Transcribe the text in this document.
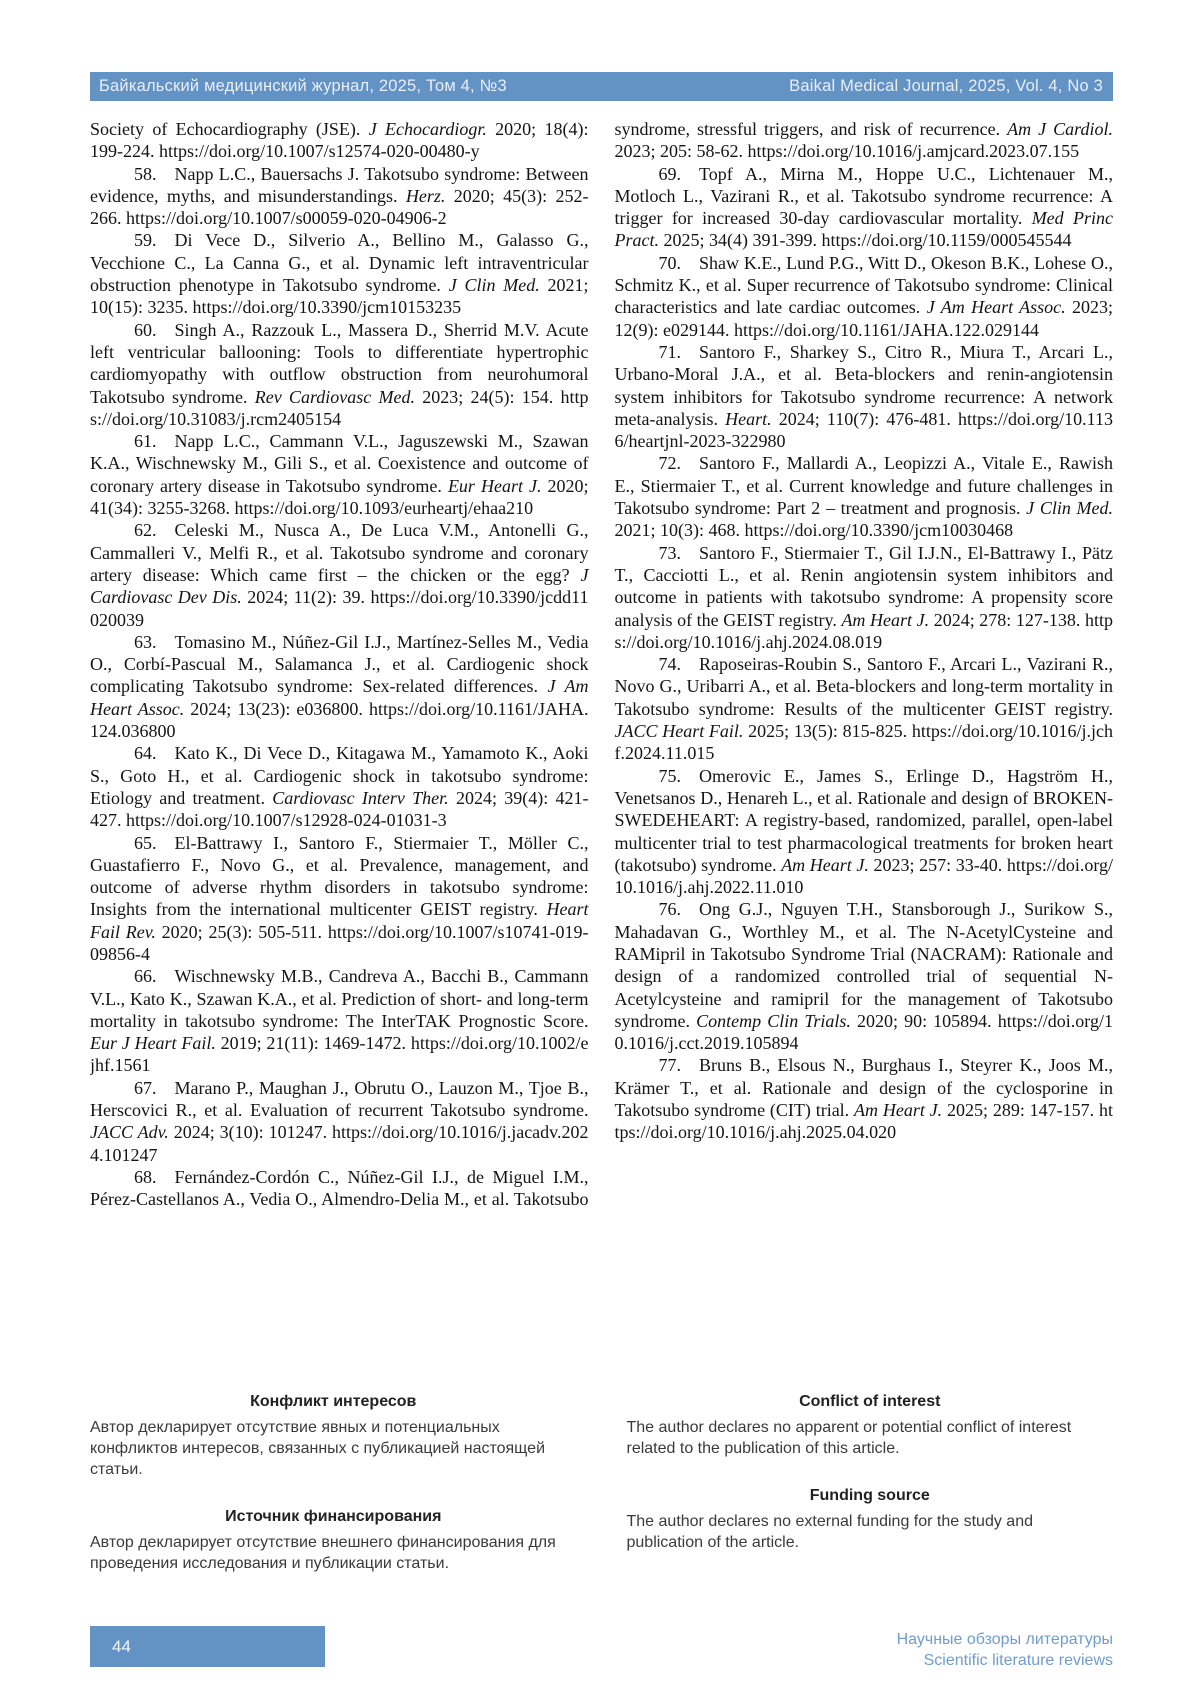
Байкальский медицинский журнал, 2025, Том 4, №3	Baikal Medical Journal, 2025, Vol. 4, No 3

Society of Echocardiography (JSE). J Echocardiogr. 2020; 18(4): 199-224. https://doi.org/10.1007/s12574-020-00480-y

58.  Napp L.C., Bauersachs J. Takotsubo syndrome: Between evidence, myths, and misunderstandings. Herz. 2020; 45(3): 252-266. https://doi.org/10.1007/s00059-020-04906-2

59.  Di Vece D., Silverio A., Bellino M., Galasso G., Vecchione C., La Canna G., et al. Dynamic left intraventricular obstruction phenotype in Takotsubo syndrome. J Clin Med. 2021; 10(15): 3235. https://doi.org/10.3390/jcm10153235

60.  Singh A., Razzouk L., Massera D., Sherrid M.V. Acute left ventricular ballooning: Tools to differentiate hypertrophic cardiomyopathy with outflow obstruction from neurohumoral Takotsubo syndrome. Rev Cardiovasc Med. 2023; 24(5): 154. https://doi.org/10.31083/j.rcm2405154

61.  Napp L.C., Cammann V.L., Jaguszewski M., Szawan K.A., Wischnewsky M., Gili S., et al. Coexistence and outcome of coronary artery disease in Takotsubo syndrome. Eur Heart J. 2020; 41(34): 3255-3268. https://doi.org/10.1093/eurheartj/ehaa210

62.  Celeski M., Nusca A., De Luca V.M., Antonelli G., Cammalleri V., Melfi R., et al. Takotsubo syndrome and coronary artery disease: Which came first – the chicken or the egg? J Cardiovasc Dev Dis. 2024; 11(2): 39. https://doi.org/10.3390/jcdd11020039

63.  Tomasino M., Núñez-Gil I.J., Martínez-Selles M., Vedia O., Corbí-Pascual M., Salamanca J., et al. Cardiogenic shock complicating Takotsubo syndrome: Sex-related differences. J Am Heart Assoc. 2024; 13(23): e036800. https://doi.org/10.1161/JAHA.124.036800

64.  Kato K., Di Vece D., Kitagawa M., Yamamoto K., Aoki S., Goto H., et al. Cardiogenic shock in takotsubo syndrome: Etiology and treatment. Cardiovasc Interv Ther. 2024; 39(4): 421-427. https://doi.org/10.1007/s12928-024-01031-3

65.  El-Battrawy I., Santoro F., Stiermaier T., Möller C., Guastafierro F., Novo G., et al. Prevalence, management, and outcome of adverse rhythm disorders in takotsubo syndrome: Insights from the international multicenter GEIST registry. Heart Fail Rev. 2020; 25(3): 505-511. https://doi.org/10.1007/s10741-019-09856-4

66.  Wischnewsky M.B., Candreva A., Bacchi B., Cammann V.L., Kato K., Szawan K.A., et al. Prediction of short- and long-term mortality in takotsubo syndrome: The InterTAK Prognostic Score. Eur J Heart Fail. 2019; 21(11): 1469-1472. https://doi.org/10.1002/ejhf.1561

67.  Marano P., Maughan J., Obrutu O., Lauzon M., Tjoe B., Herscovici R., et al. Evaluation of recurrent Takotsubo syndrome. JACC Adv. 2024; 3(10): 101247. https://doi.org/10.1016/j.jacadv.2024.101247

68.  Fernández-Cordón C., Núñez-Gil I.J., de Miguel I.M., Pérez-Castellanos A., Vedia O., Almendro-Delia M., et al. Takotsubo syndrome, stressful triggers, and risk of recurrence. Am J Cardiol. 2023; 205: 58-62. https://doi.org/10.1016/j.amjcard.2023.07.155

69.  Topf A., Mirna M., Hoppe U.C., Lichtenauer M., Motloch L., Vazirani R., et al. Takotsubo syndrome recurrence: A trigger for increased 30-day cardiovascular mortality. Med Princ Pract. 2025; 34(4) 391-399. https://doi.org/10.1159/000545544

70.  Shaw K.E., Lund P.G., Witt D., Okeson B.K., Lohese O., Schmitz K., et al. Super recurrence of Takotsubo syndrome: Clinical characteristics and late cardiac outcomes. J Am Heart Assoc. 2023; 12(9): e029144. https://doi.org/10.1161/JAHA.122.029144

71.  Santoro F., Sharkey S., Citro R., Miura T., Arcari L., Urbano-Moral J.A., et al. Beta-blockers and renin-angiotensin system inhibitors for Takotsubo syndrome recurrence: A network meta-analysis. Heart. 2024; 110(7): 476-481. https://doi.org/10.1136/heartjnl-2023-322980

72.  Santoro F., Mallardi A., Leopizzi A., Vitale E., Rawish E., Stiermaier T., et al. Current knowledge and future challenges in Takotsubo syndrome: Part 2 – treatment and prognosis. J Clin Med. 2021; 10(3): 468. https://doi.org/10.3390/jcm10030468

73.  Santoro F., Stiermaier T., Gil I.J.N., El-Battrawy I., Pätz T., Cacciotti L., et al. Renin angiotensin system inhibitors and outcome in patients with takotsubo syndrome: A propensity score analysis of the GEIST registry. Am Heart J. 2024; 278: 127-138. https://doi.org/10.1016/j.ahj.2024.08.019

74.  Raposeiras-Roubin S., Santoro F., Arcari L., Vazirani R., Novo G., Uribarri A., et al. Beta-blockers and long-term mortality in Takotsubo syndrome: Results of the multicenter GEIST registry. JACC Heart Fail. 2025; 13(5): 815-825. https://doi.org/10.1016/j.jchf.2024.11.015

75.  Omerovic E., James S., Erlinge D., Hagström H., Venetsanos D., Henareh L., et al. Rationale and design of BROKEN-SWEDEHEART: A registry-based, randomized, parallel, open-label multicenter trial to test pharmacological treatments for broken heart (takotsubo) syndrome. Am Heart J. 2023; 257: 33-40. https://doi.org/10.1016/j.ahj.2022.11.010

76.  Ong G.J., Nguyen T.H., Stansborough J., Surikow S., Mahadavan G., Worthley M., et al. The N-AcetylCysteine and RAMipril in Takotsubo Syndrome Trial (NACRAM): Rationale and design of a randomized controlled trial of sequential N-Acetylcysteine and ramipril for the management of Takotsubo syndrome. Contemp Clin Trials. 2020; 90: 105894. https://doi.org/10.1016/j.cct.2019.105894

77.  Bruns B., Elsous N., Burghaus I., Steyrer K., Joos M., Krämer T., et al. Rationale and design of the cyclosporine in Takotsubo syndrome (CIT) trial. Am Heart J. 2025; 289: 147-157. https://doi.org/10.1016/j.ahj.2025.04.020

Конфликт интересов

Автор декларирует отсутствие явных и потенциальных конфликтов интересов, связанных с публикацией настоящей статьи.

Источник финансирования

Автор декларирует отсутствие внешнего финансирования для проведения исследования и публикации статьи.

Conflict of interest

The author declares no apparent or potential conflict of interest related to the publication of this article.

Funding source

The author declares no external funding for the study and publication of the article.

44	Научные обзоры литературы
Scientific literature reviews
